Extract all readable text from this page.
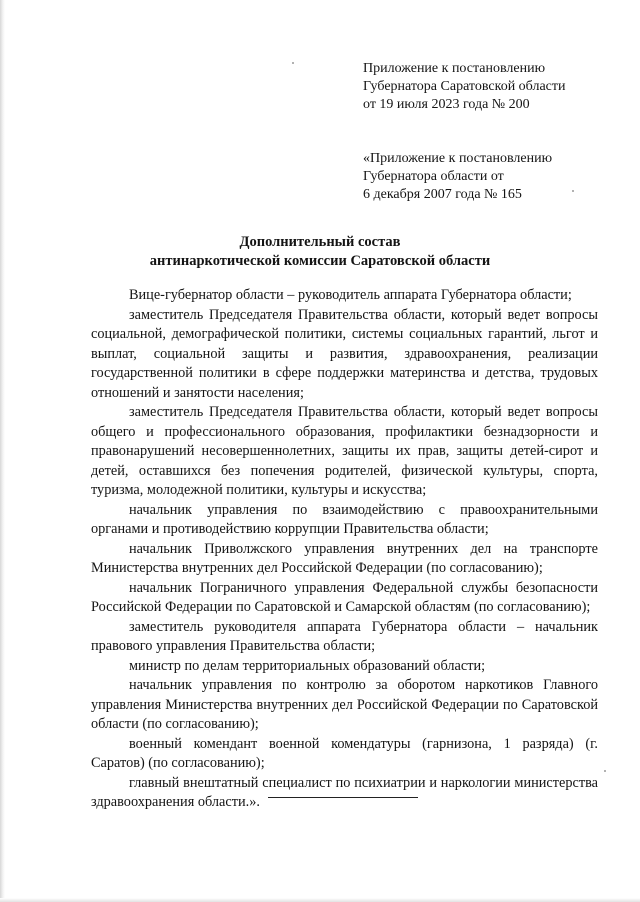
Приложение к постановлению
Губернатора Саратовской области
от 19 июля 2023 года № 200
«Приложение к постановлению
Губернатора области от
6 декабря 2007 года № 165
Дополнительный состав
антинаркотической комиссии Саратовской области

Вице-губернатор области – руководитель аппарата Губернатора области;

заместитель Председателя Правительства области, который ведет вопросы социальной, демографической политики, системы социальных гарантий, льгот и выплат, социальной защиты и развития, здравоохранения, реализации государственной политики в сфере поддержки материнства и детства, трудовых отношений и занятости населения;

заместитель Председателя Правительства области, который ведет вопросы общего и профессионального образования, профилактики безнадзорности и правонарушений несовершеннолетних, защиты их прав, защиты детей-сирот и детей, оставшихся без попечения родителей, физической культуры, спорта, туризма, молодежной политики, культуры и искусства;

начальник управления по взаимодействию с правоохранительными органами и противодействию коррупции Правительства области;

начальник Приволжского управления внутренних дел на транспорте Министерства внутренних дел Российской Федерации (по согласованию);

начальник Пограничного управления Федеральной службы безопасности Российской Федерации по Саратовской и Самарской областям (по согласованию);

заместитель руководителя аппарата Губернатора области – начальник правового управления Правительства области;

министр по делам территориальных образований области;

начальник управления по контролю за оборотом наркотиков Главного управления Министерства внутренних дел Российской Федерации по Саратовской области (по согласованию);

военный комендант военной комендатуры (гарнизона, 1 разряда) (г. Саратов) (по согласованию);

главный внештатный специалист по психиатрии и наркологии министерства здравоохранения области.».
